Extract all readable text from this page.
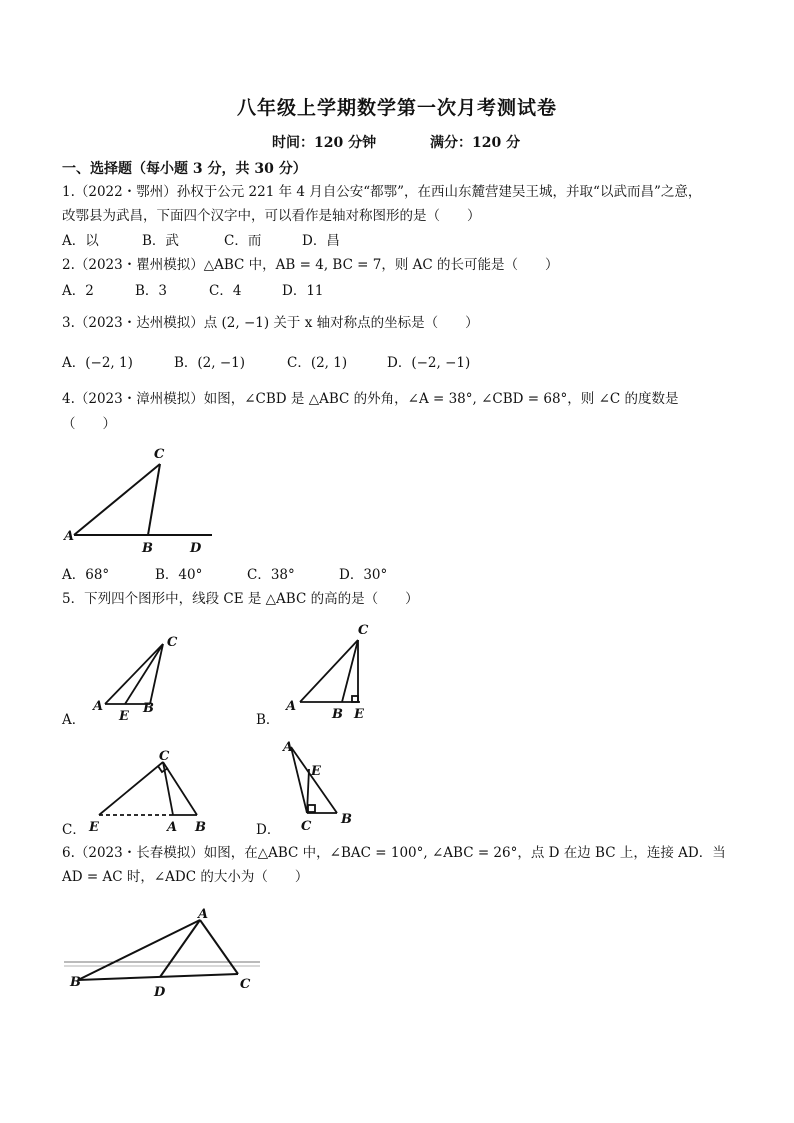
八年级上学期数学第一次月考测试卷
时间：120 分钟	满分：120 分
一、选择题（每小题 3 分，共 30 分）
1.（2022・鄂州）孙权于公元 221 年 4 月自公安“都鄂”，在西山东麓营建吴王城，并取“以武而昌”之意，
改鄂县为武昌，下面四个汉字中，可以看作是轴对称图形的是（　　）
A．以	B．武	C．而	D．昌
2.（2023・瞿州模拟）△ABC 中，AB = 4, BC = 7，则 AC 的长可能是（　　）
A．2	B．3	C．4	D．11
3.（2023・达州模拟）点 (2, −1) 关于 x 轴对称点的坐标是（　　）
A．(−2, 1)	B．(2, −1)	C．(2, 1)	D．(−2, −1)
4.（2023・漳州模拟）如图，∠CBD 是 △ABC 的外角，∠A = 38°, ∠CBD = 68°，则 ∠C 的度数是
（　　）
C
A
B	D
A．68°	B．40°	C．38°	D．30°
5．下列四个图形中，线段 CE 是 △ABC 的高的是（　　）
A．
C
A
E
B
B．
C
A
B E
C．
C
E	A B	D．
A
E
C B
6.（2023・长春模拟）如图，在△ABC 中，∠BAC = 100°, ∠ABC = 26°，点 D 在边 BC 上，连接 AD．当
AD = AC 时，∠ADC 的大小为（　　）
A
B
D
C
